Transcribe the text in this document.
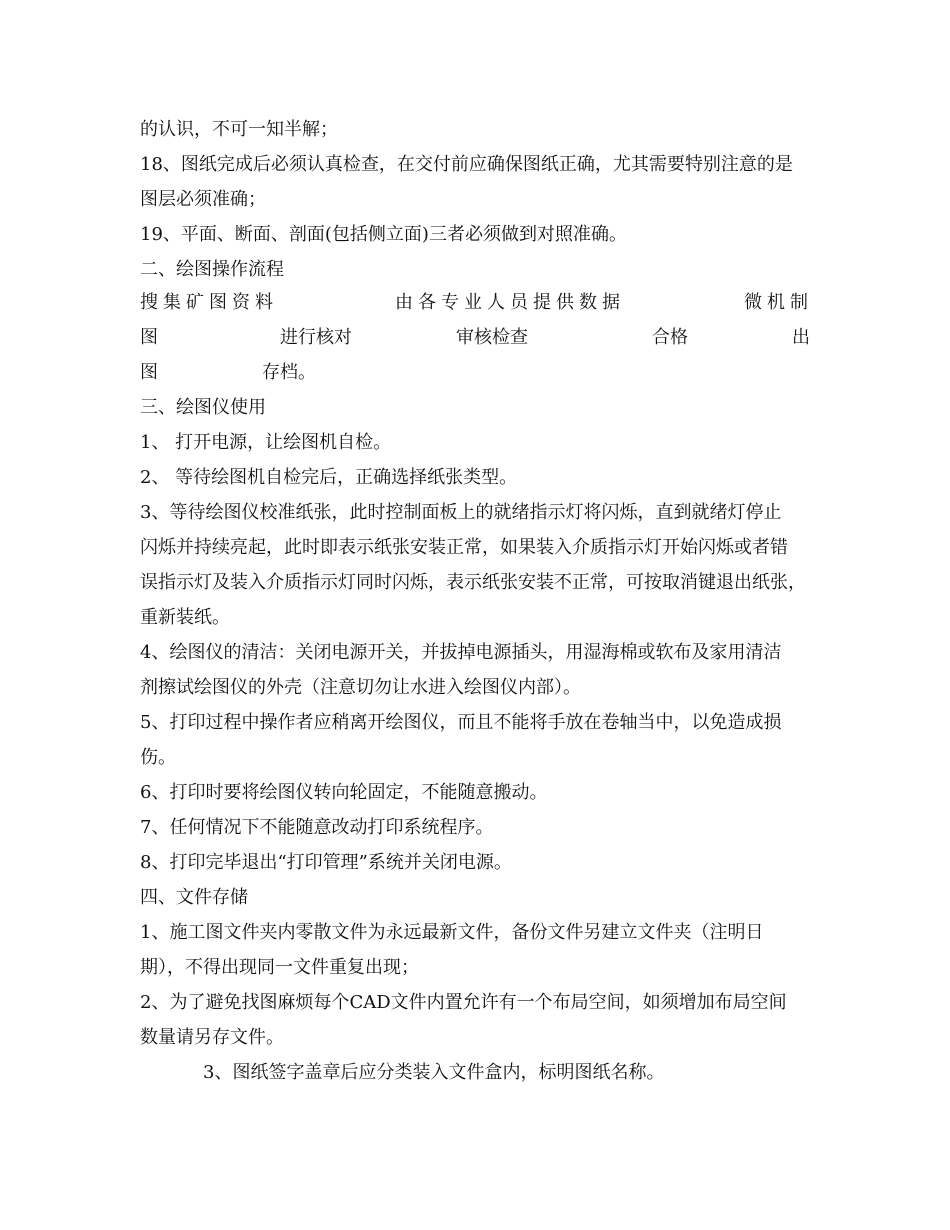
的认识，不可一知半解；
18、图纸完成后必须认真检查，在交付前应确保图纸正确，尤其需要特别注意的是
图层必须准确；
19、平面、断面、剖面(包括侧立面)三者必须做到对照准确。
二、绘图操作流程
搜集矿图资料	由各专业人员提供数据	微机制
图	进行核对	审核检查	合格	出
图	存档。
三、绘图仪使用
1、 打开电源，让绘图机自检。
2、 等待绘图机自检完后，正确选择纸张类型。
3、等待绘图仪校准纸张，此时控制面板上的就绪指示灯将闪烁，直到就绪灯停止
闪烁并持续亮起，此时即表示纸张安装正常，如果装入介质指示灯开始闪烁或者错
误指示灯及装入介质指示灯同时闪烁，表示纸张安装不正常，可按取消键退出纸张，
重新装纸。
4、绘图仪的清洁：关闭电源开关，并拔掉电源插头，用湿海棉或软布及家用清洁
剂擦试绘图仪的外壳（注意切勿让水进入绘图仪内部）。
5、打印过程中操作者应稍离开绘图仪，而且不能将手放在卷轴当中，以免造成损
伤。
6、打印时要将绘图仪转向轮固定，不能随意搬动。
7、任何情况下不能随意改动打印系统程序。
8、打印完毕退出“打印管理”系统并关闭电源。
四、文件存储
1、施工图文件夹内零散文件为永远最新文件，备份文件另建立文件夹（注明日
期），不得出现同一文件重复出现；
2、为了避免找图麻烦每个CAD文件内置允许有一个布局空间，如须增加布局空间
数量请另存文件。
3、图纸签字盖章后应分类装入文件盒内，标明图纸名称。
